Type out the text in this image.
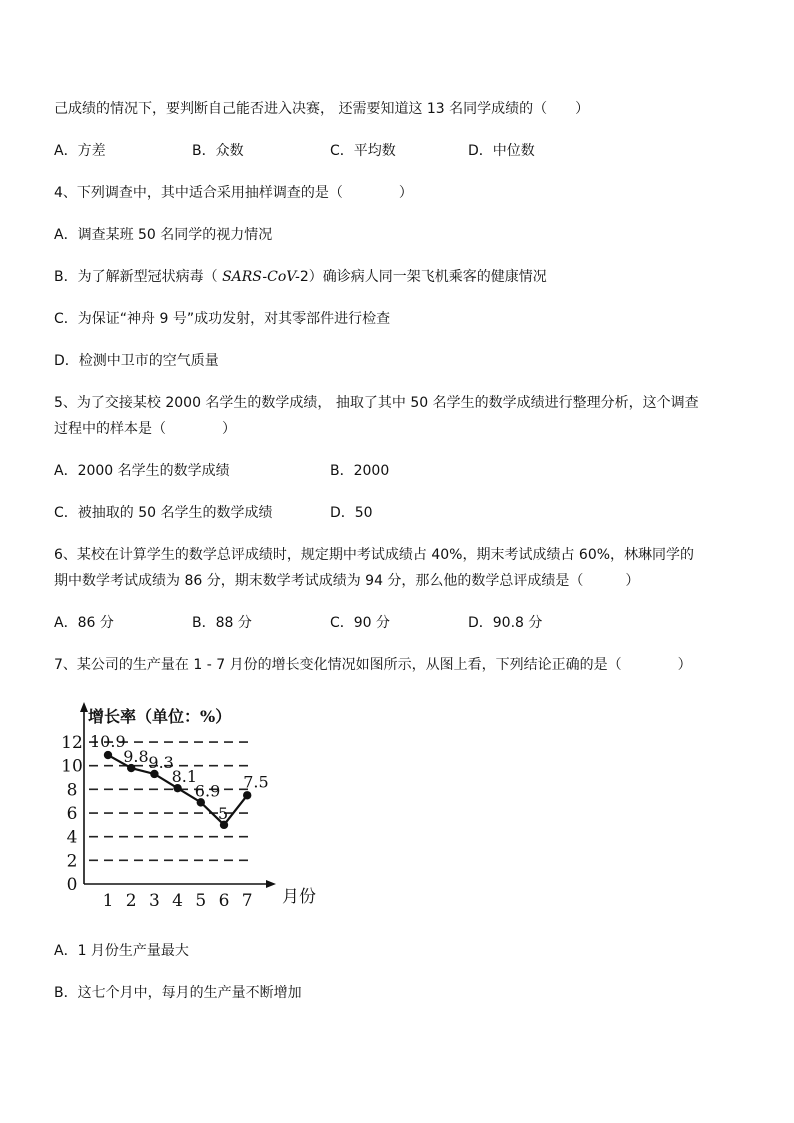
己成绩的情况下，要判断自己能否进入决赛， 还需要知道这 13 名同学成绩的（　　）
A．方差	B．众数	C．平均数	D．中位数
4、下列调查中，其中适合采用抽样调查的是（　　　　）
A．调查某班 50 名同学的视力情况
B．为了解新型冠状病毒（ SARS-CoV-2）确诊病人同一架飞机乘客的健康情况
C．为保证“神舟 9 号”成功发射，对其零部件进行检查
D．检测中卫市的空气质量
5、为了交接某校 2000 名学生的数学成绩， 抽取了其中 50 名学生的数学成绩进行整理分析，这个调查
过程中的样本是（　　　　）
A．2000 名学生的数学成绩	B．2000
C．被抽取的 50 名学生的数学成绩	D．50
6、某校在计算学生的数学总评成绩时，规定期中考试成绩占 40%，期末考试成绩占 60%，林琳同学的
期中数学考试成绩为 86 分，期末数学考试成绩为 94 分，那么他的数学总评成绩是（　　　）
A．86 分	B．88 分	C．90 分	D．90.8 分
7、某公司的生产量在 1 - 7 月份的增长变化情况如图所示，从图上看，下列结论正确的是（　　　　）
0
2
4
6
8
10
12
1 2 3 4 5 6 7
10.9
9.8 9.3
8.1
6.9
5
7.5
增长率（单位：%）
月份
A．1 月份生产量最大
B．这七个月中，每月的生产量不断增加
